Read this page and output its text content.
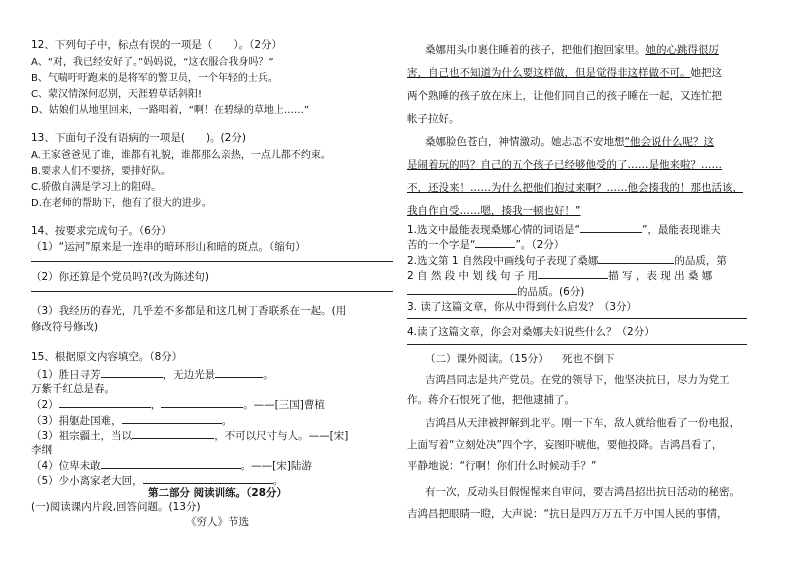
12、下列句子中，标点有误的一项是（　　）。（2分）
A、“对，我已经安好了。”妈妈说，“这衣服合我身吗？”
B、气喘吁吁跑来的是将军的警卫员，一个年轻的士兵。
C、蒙汉情深何忍别，天涯碧草话斜阳!
D、姑娘们从地里回来，一路唱着，“啊！在碧绿的草地上……”
13、下面句子没有语病的一项是(　　)。(2分)
A.王家爸爸见了谁，谁都有礼貌，谁都那么亲热，一点儿都不约束。
B.要求人们不要挤，要排好队。
C.骄傲自满是学习上的阻碍。
D.在老师的帮助下，他有了很大的进步。
14、按要求完成句子。（6分）
（1）“运河”原来是一连串的暗环形山和暗的斑点。（缩句）
（2）你还算是个党员吗?(改为陈述句)
（3）我经历的春光，几乎差不多都是和这几树丁香联系在一起。(用
修改符号修改)
15、根据原文内容填空。（8分）
（1）胜日寻芳	，无边光景	。
万紫千红总是春。
（2）	，	。——[三国]曹植
（3）捐躯赴国难，	。
（3）祖宗疆土，当以	，不可以尺寸与人。——[宋]
李纲
（4）位卑未敢	。——[宋]陆游
（5）少小离家老大回，	。
第二部分 阅读训练。（28分）
(一)阅读课内片段,回答问题。(13分)
《穷人》节选
桑娜用头巾裹住睡着的孩子，把他们抱回家里。她的心跳得很厉
害，自己也不知道为什么要这样做，但是觉得非这样做不可。她把这
两个熟睡的孩子放在床上，让他们同自己的孩子睡在一起，又连忙把
帐子拉好。
桑娜脸色苍白，神情激动。她忐忑不安地想“他会说什么呢？这
是闹着玩的吗？自己的五个孩子已经够他受的了……是他来啦？……
不，还没来！……为什么把他们抱过来啊？……他会揍我的！那也活该，
我自作自受……嗯，揍我一顿也好！”
1.选文中最能表现桑娜心情的词语是“	”，最能表现谁夫
苦的一个字是“	”。（2分）
2.选文第 1 自然段中画线句子表现了桑娜	的品质，第
2 自 然 段 中 划 线 句 子 用	描 写 ，表 现 出 桑 娜
的品质。(6分)
3. 读了这篇文章，你从中得到什么启发？（3分）
4.读了这篇文章，你会对桑娜夫妇说些什么？（2分）
（二）课外阅读。（15分） 死也不倒下
吉鸿昌同志是共产党员。在党的领导下，他坚决抗日，尽力为党工
作。蒋介石恨死了他，把他逮捕了。
吉鸿昌从天津被押解到北平。刚一下车，敌人就给他看了一份电报，
上面写着“立刻处决”四个字，妄图吓唬他，要他投降。吉鸿昌看了，
平静地说：“行啊！你们什么时候动手？”
有一次，反动头目假惺惺来自审问，要吉鸿昌招出抗日活动的秘密。
吉鸿昌把眼睛一瞪，大声说：“抗日是四万万五千万中国人民的事情，
